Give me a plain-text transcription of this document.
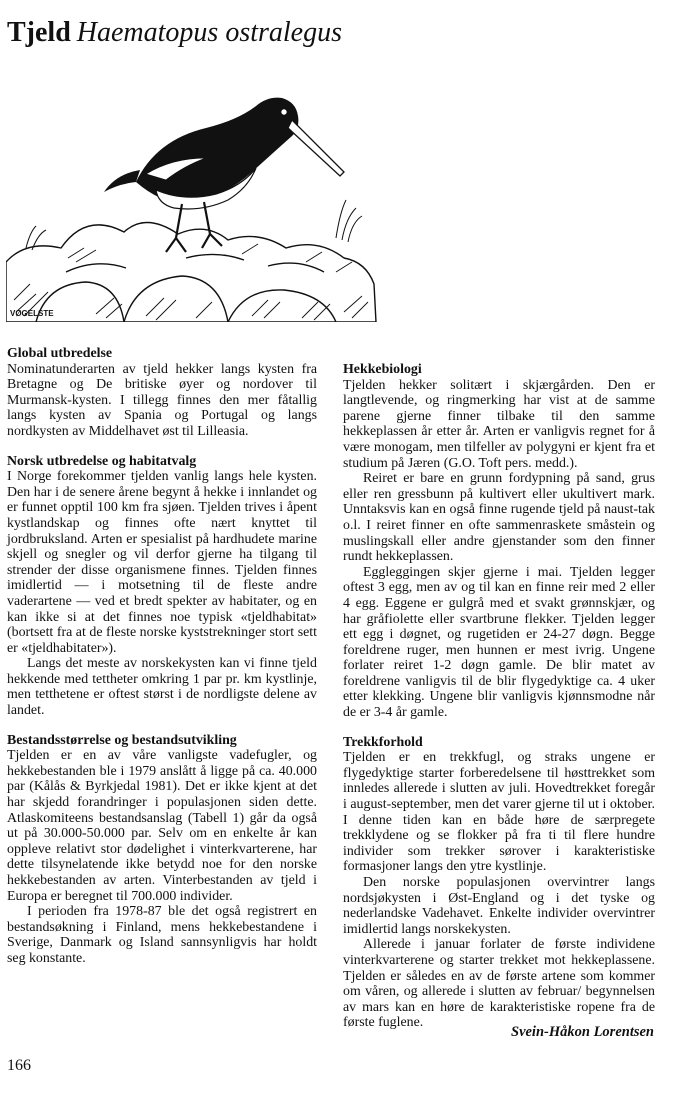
Tjeld Haematopus ostralegus
VØGELSTE

Global utbredelse

Nominatunderarten av tjeld hekker langs kysten fra Bretagne og De britiske øyer og nordover til Murmansk-kysten. I tillegg finnes den mer fåtallig langs kysten av Spania og Portugal og langs nordkysten av Middelhavet øst til Lilleasia.

Norsk utbredelse og habitatvalg

I Norge forekommer tjelden vanlig langs hele kysten. Den har i de senere årene begynt å hekke i innlandet og er funnet opptil 100 km fra sjøen. Tjelden trives i åpent kystlandskap og finnes ofte nært knyttet til jordbruksland. Arten er spesialist på hardhudete marine skjell og snegler og vil derfor gjerne ha tilgang til strender der disse organismene finnes. Tjelden finnes imidlertid — i motsetning til de fleste andre vaderartene — ved et bredt spekter av habitater, og en kan ikke si at det finnes noe typisk «tjeldhabitat» (bortsett fra at de fleste norske kyststrekninger stort sett er «tjeldhabitater»).

Langs det meste av norskekysten kan vi finne tjeld hekkende med tettheter omkring 1 par pr. km kystlinje, men tetthetene er oftest størst i de nordligste delene av landet.

Bestandsstørrelse og bestandsutvikling

Tjelden er en av våre vanligste vadefugler, og hekkebestanden ble i 1979 anslått å ligge på ca. 40.000 par (Kålås & Byrkjedal 1981). Det er ikke kjent at det har skjedd forandringer i populasjonen siden dette. Atlaskomiteens bestandsanslag (Tabell 1) går da også ut på 30.000-50.000 par. Selv om en enkelte år kan oppleve relativt stor dødelighet i vinterkvarterene, har dette tilsynelatende ikke betydd noe for den norske hekkebestanden av arten. Vinterbestanden av tjeld i Europa er beregnet til 700.000 individer.

I perioden fra 1978-87 ble det også registrert en bestandsøkning i Finland, mens hekkebestandene i Sverige, Danmark og Island sannsynligvis har holdt seg konstante.

Hekkebiologi

Tjelden hekker solitært i skjærgården. Den er langtlevende, og ringmerking har vist at de samme parene gjerne finner tilbake til den samme hekkeplassen år etter år. Arten er vanligvis regnet for å være monogam, men tilfeller av polygyni er kjent fra et studium på Jæren (G.O. Toft pers. medd.).

Reiret er bare en grunn fordypning på sand, grus eller ren gressbunn på kultivert eller ukultivert mark. Unntaksvis kan en også finne rugende tjeld på naust-tak o.l. I reiret finner en ofte sammenraskete småstein og muslingskall eller andre gjenstander som den finner rundt hekkeplassen.

Eggleggingen skjer gjerne i mai. Tjelden legger oftest 3 egg, men av og til kan en finne reir med 2 eller 4 egg. Eggene er gulgrå med et svakt grønnskjær, og har gråfiolette eller svartbrune flekker. Tjelden legger ett egg i døgnet, og rugetiden er 24-27 døgn. Begge foreldrene ruger, men hunnen er mest ivrig. Ungene forlater reiret 1-2 døgn gamle. De blir matet av foreldrene vanligvis til de blir flygedyktige ca. 4 uker etter klekking. Ungene blir vanligvis kjønnsmodne når de er 3-4 år gamle.

Trekkforhold

Tjelden er en trekkfugl, og straks ungene er flygedyktige starter forberedelsene til høsttrekket som innledes allerede i slutten av juli. Hovedtrekket foregår i august-september, men det varer gjerne til ut i oktober. I denne tiden kan en både høre de særpregete trekklydene og se flokker på fra ti til flere hundre individer som trekker sørover i karakteristiske formasjoner langs den ytre kystlinje.

Den norske populasjonen overvintrer langs nordsjøkysten i Øst-England og i det tyske og nederlandske Vadehavet. Enkelte individer overvintrer imidlertid langs norskekysten.

Allerede i januar forlater de første individene vinterkvarterene og starter trekket mot hekkeplassene. Tjelden er således en av de første artene som kommer om våren, og allerede i slutten av februar/ begynnelsen av mars kan en høre de karakteristiske ropene fra de første fuglene.

Svein-Håkon Lorentsen
166
